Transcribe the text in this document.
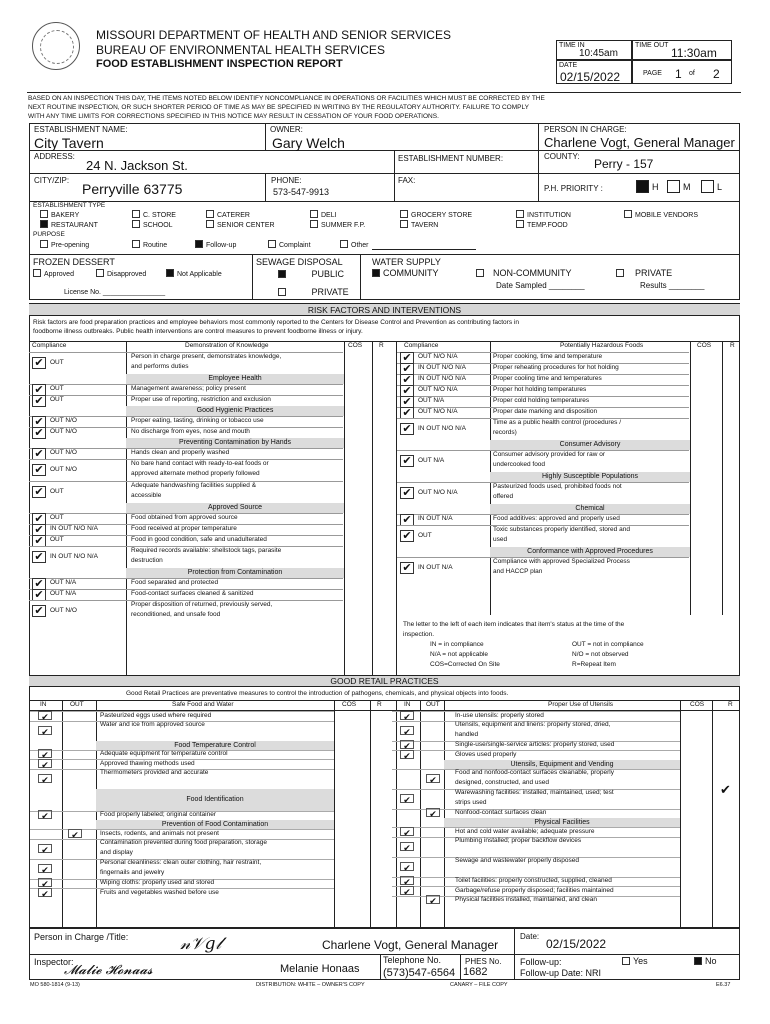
MISSOURI DEPARTMENT OF HEALTH AND SENIOR SERVICES
BUREAU OF ENVIRONMENTAL HEALTH SERVICES
FOOD ESTABLISHMENT INSPECTION REPORT
TIME IN
10:45am
TIME OUT
11:30am
DATE
02/15/2022	PAGE 1 of 2
BASED ON AN INSPECTION THIS DAY, THE ITEMS NOTED BELOW IDENTIFY NONCOMPLIANCE IN OPERATIONS OR FACILITIES WHICH MUST BE CORRECTED BY THE
NEXT ROUTINE INSPECTION, OR SUCH SHORTER PERIOD OF TIME AS MAY BE SPECIFIED IN WRITING BY THE REGULATORY AUTHORITY. FAILURE TO COMPLY
WITH ANY TIME LIMITS FOR CORRECTIONS SPECIFIED IN THIS NOTICE MAY RESULT IN CESSATION OF YOUR FOOD OPERATIONS.
ESTABLISHMENT NAME:
City Tavern
OWNER:
Gary Welch
PERSON IN CHARGE:
Charlene Vogt, General Manager
ADDRESS:
24 N. Jackson St.	ESTABLISHMENT NUMBER:	COUNTY:
Perry - 157
CITY/ZIP:
Perryville 63775
PHONE:
573-547-9913
FAX:
P.H. PRIORITY :	H	M	L
ESTABLISHMENT TYPE
BAKERY	C. STORE	CATERER	DELI	GROCERY STORE	INSTITUTION	MOBILE VENDORS
RESTAURANT	SCHOOL	SENIOR CENTER	SUMMER F.P.	TAVERN	TEMP.FOOD
PURPOSE
Pre-opening	Routine	Follow-up	Complaint	Other
FROZEN DESSERT
Approved	Disapproved	Not Applicable
License No. ________________
SEWAGE DISPOSAL
PUBLIC
PRIVATE
WATER SUPPLY
COMMUNITY	NON-COMMUNITY	PRIVATE
Date Sampled ________	Results ________
RISK FACTORS AND INTERVENTIONS
Risk factors are food preparation practices and employee behaviors most commonly reported to the Centers for Disease Control and Prevention as contributing factors in
foodborne illness outbreaks. Public health interventions are control measures to prevent foodborne illness or injury.
The letter to the left of each item indicates that item's status at the time of the
inspection.
IN = in compliance	OUT = not in compliance
N/A = not applicable	N/O = not observed
COS=Corrected On Site	R=Repeat Item
GOOD RETAIL PRACTICES
Good Retail Practices are preventative measures to control the introduction of pathogens, chemicals, and physical objects into foods.
Person in Charge /Title:	𝓃𝒱𝑔𝓁	Charlene Vogt, General Manager
Date:
02/15/2022
Inspector:
𝓜𝓪𝓵𝓲𝓮 𝓗𝓸𝓷𝓪𝓪𝓼	Melanie Honaas
Telephone No.
(573)547-6564
PHES No.
1682
Follow-up:	Yes	No
Follow-up Date: NRI
MO 580-1814 (9-13)	DISTRIBUTION: WHITE – OWNER'S COPY	CANARY – FILE COPY	E6.37
Compliance	Demonstration of Knowledge	COS	R	Compliance	Potentially Hazardous Foods	COS	R
✔ OUT
Person in charge present, demonstrates knowledge,
and performs duties
Employee Health
✔ OUT	Management awareness; policy present
✔ OUT	Proper use of reporting, restriction and exclusion
Good Hygienic Practices
✔ OUT N/O	Proper eating, tasting, drinking or tobacco use
✔ OUT N/O	No discharge from eyes, nose and mouth
Preventing Contamination by Hands
✔ OUT N/O	Hands clean and properly washed
✔ OUT N/O
No bare hand contact with ready-to-eat foods or
approved alternate method properly followed
✔ OUT
Adequate handwashing facilities supplied &
accessible
Approved Source
✔ OUT	Food obtained from approved source
✔ IN OUT N/O N/A	Food received at proper temperature
✔ OUT	Food in good condition, safe and unadulterated
✔ IN OUT N/O N/A
Required records available: shellstock tags, parasite
destruction
Protection from Contamination
✔ OUT N/A	Food separated and protected
✔ OUT N/A	Food-contact surfaces cleaned & sanitized
✔ OUT N/O
Proper disposition of returned, previously served,
reconditioned, and unsafe food
✔ OUT N/O N/A	Proper cooking, time and temperature
✔ IN OUT N/O N/A	Proper reheating procedures for hot holding
✔ IN OUT N/O N/A	Proper cooling time and temperatures
✔ OUT N/O N/A	Proper hot holding temperatures
✔ OUT N/A	Proper cold holding temperatures
✔ OUT N/O N/A	Proper date marking and disposition
✔ IN OUT N/O N/A
Time as a public health control (procedures /
records)
Consumer Advisory
✔ OUT N/A
Consumer advisory provided for raw or
undercooked food
Highly Susceptible Populations
✔ OUT N/O N/A
Pasteurized foods used, prohibited foods not
offered
Chemical
✔ IN OUT N/A	Food additives: approved and properly used
✔ OUT
Toxic substances properly identified, stored and
used
Conformance with Approved Procedures
✔ IN OUT N/A
Compliance with approved Specialized Process
and HACCP plan
IN	OUT	Safe Food and Water	COS	R	IN OUT	Proper Use of Utensils	COS	R
✔	Pasteurized eggs used where required
✔
Water and ice from approved source
Food Temperature Control
✔	Adequate equipment for temperature control
✔	Approved thawing methods used
✔
Thermometers provided and accurate
Food Identification
✔	Food properly labeled; original container
Prevention of Food Contamination
✔	Insects, rodents, and animals not present
✔
Contamination prevented during food preparation, storage
and display
✔
Personal cleanliness: clean outer clothing, hair restraint,
fingernails and jewelry
✔	Wiping cloths: properly used and stored
✔	Fruits and vegetables washed before use
✔	In-use utensils: properly stored
✔
Utensils, equipment and linens: properly stored, dried,
handled
✔	Single-use/single-service articles: properly stored, used
✔	Gloves used properly
Utensils, Equipment and Vending
✔
Food and nonfood-contact surfaces cleanable, properly
designed, constructed, and used
✔
Warewashing facilities: installed, maintained, used; test
strips used
✔	Nonfood-contact surfaces clean
Physical Facilities
✔	Hot and cold water available; adequate pressure
✔
Plumbing installed; proper backflow devices
✔
Sewage and wastewater properly disposed
✔	Toilet facilities: properly constructed, supplied, cleaned
✔	Garbage/refuse properly disposed; facilities maintained
✔	Physical facilities installed, maintained, and clean
✔
